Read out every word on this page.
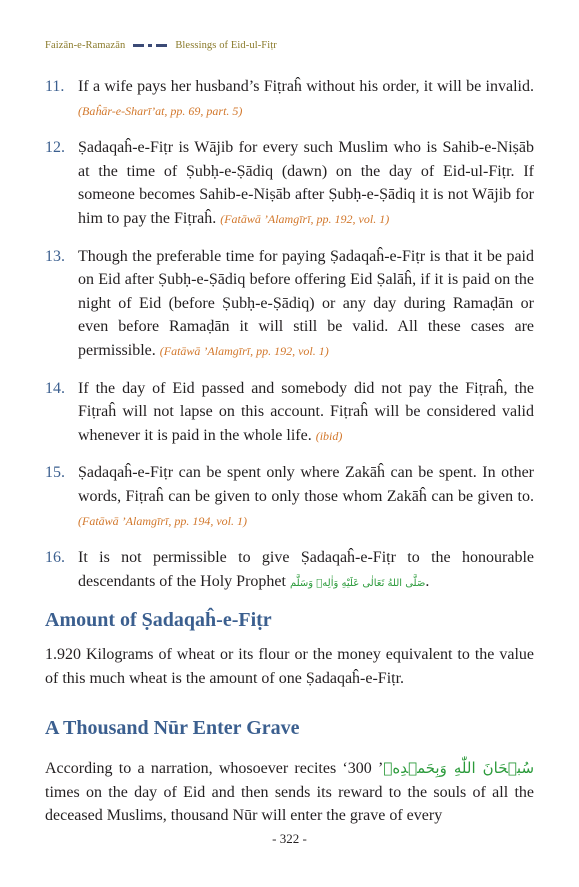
Faizān-e-Ramazān	Blessings of Eid-ul-Fiṭr
11. If a wife pays her husband’s Fiṭraĥ without his order, it will be invalid. (Baĥār-e-Sharī’at, pp. 69, part. 5)
12. Ṣadaqaĥ-e-Fiṭr is Wājib for every such Muslim who is Sahib-e-Niṣāb at the time of Ṣubḥ-e-Ṣādiq (dawn) on the day of Eid-ul-Fiṭr. If someone becomes Sahib-e-Niṣāb after Ṣubḥ-e-Ṣādiq it is not Wājib for him to pay the Fiṭraĥ. (Fatāwā ’Alamgīrī, pp. 192, vol. 1)
13. Though the preferable time for paying Ṣadaqaĥ-e-Fiṭr is that it be paid on Eid after Ṣubḥ-e-Ṣādiq before offering Eid Ṣalāĥ, if it is paid on the night of Eid (before Ṣubḥ-e-Ṣādiq) or any day during Ramaḍān or even before Ramaḍān it will still be valid. All these cases are permissible. (Fatāwā ’Alamgīrī, pp. 192, vol. 1)
14. If the day of Eid passed and somebody did not pay the Fiṭraĥ, the Fiṭraĥ will not lapse on this account. Fiṭraĥ will be considered valid whenever it is paid in the whole life. (ibid)
15. Ṣadaqaĥ-e-Fiṭr can be spent only where Zakāĥ can be spent. In other words, Fiṭraĥ can be given to only those whom Zakāĥ can be given to. (Fatāwā ’Alamgīrī, pp. 194, vol. 1)
16. It is not permissible to give Ṣadaqaĥ-e-Fiṭr to the honourable descendants of the Holy Prophet صَلَّى اللهُ تَعَالٰى عَلَيْهِ وَاٰلِهٖ وَسَلَّم.
Amount of Ṣadaqaĥ-e-Fiṭr
1.920 Kilograms of wheat or its flour or the money equivalent to the value of this much wheat is the amount of one Ṣadaqaĥ-e-Fiṭr.
A Thousand Nūr Enter Grave
According to a narration, whosoever recites ‘ سُبۡحَانَ اللّٰهِ وَبِحَمۡدِهٖ’ 300 times on the day of Eid and then sends its reward to the souls of all the deceased Muslims, thousand Nūr will enter the grave of every
- 322 -
